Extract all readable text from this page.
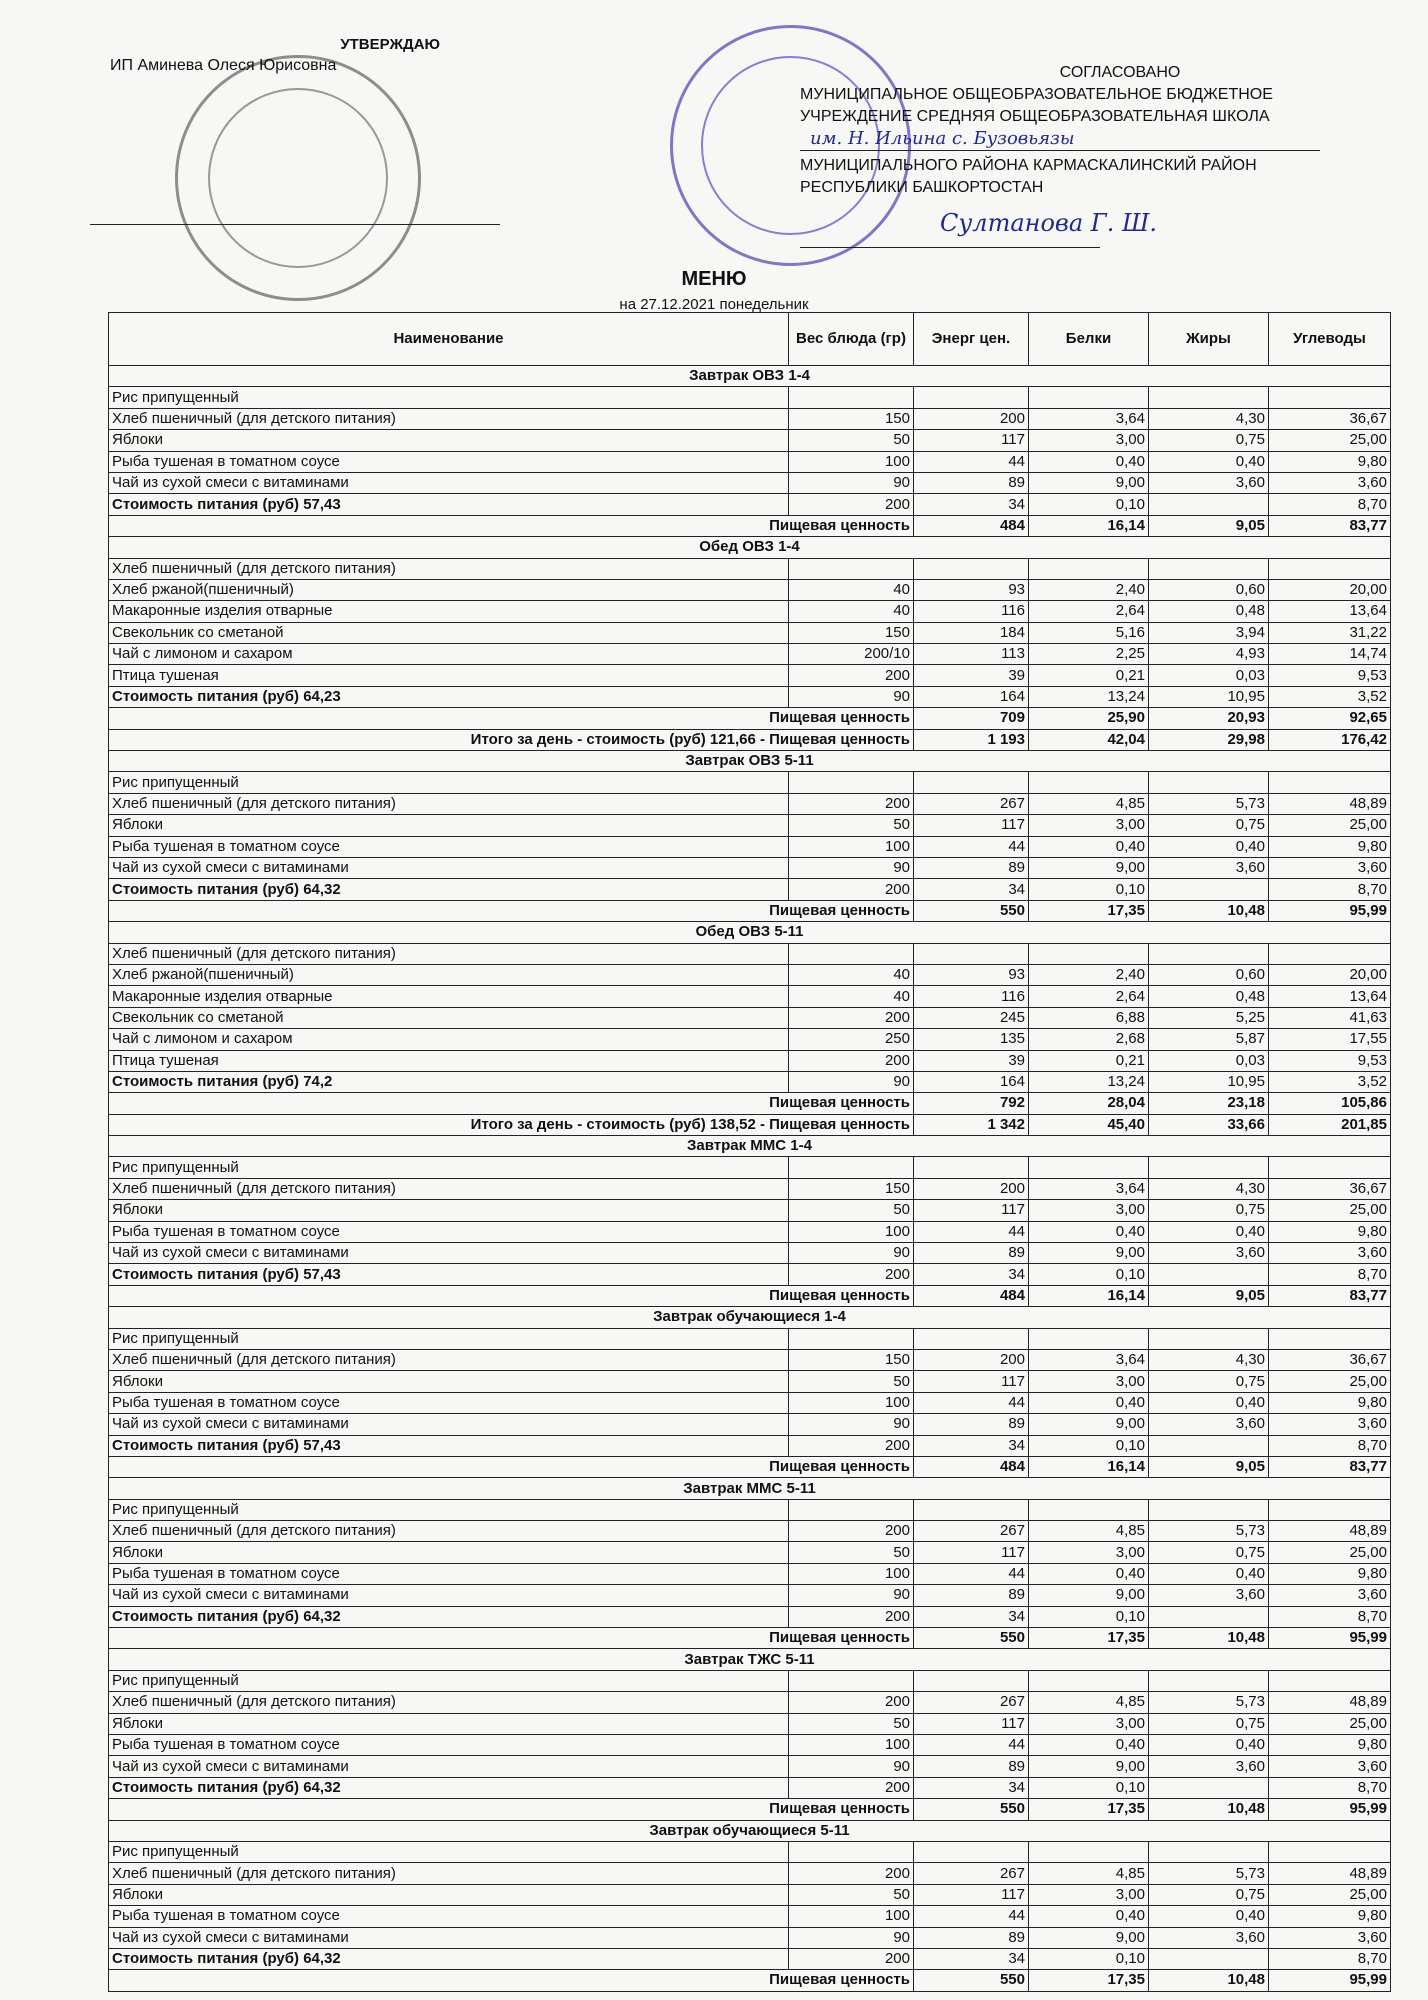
УТВЕРЖДАЮ
ИП Аминева Олеся Юрисовна	СОГЛАСОВАНО
МУНИЦИПАЛЬНОЕ ОБЩЕОБРАЗОВАТЕЛЬНОЕ БЮДЖЕТНОЕ
УЧРЕЖДЕНИЕ СРЕДНЯЯ ОБЩЕОБРАЗОВАТЕЛЬНАЯ ШКОЛА
им. Н. Ильина с. Бузовьязы
МУНИЦИПАЛЬНОГО РАЙОНА КАРМАСКАЛИНСКИЙ РАЙОН
РЕСПУБЛИКИ БАШКОРТОСТАН
Султанова Г. Ш.
МЕНЮ
на 27.12.2021 понедельник
Наименование	Вес блюда (гр)	Энерг цен.	Белки	Жиры	Углеводы
Завтрак ОВЗ 1-4					
Рис припущенный					
Хлеб пшеничный (для детского питания)	150	200	3,64	4,30	36,67
Яблоки	50	117	3,00	0,75	25,00
Рыба тушеная в томатном соусе	100	44	0,40	0,40	9,80
Чай из сухой смеси с витаминами	90	89	9,00	3,60	3,60
Стоимость питания (руб) 57,43	200	34	0,10		8,70
Пищевая ценность		484	16,14	9,05	83,77
Обед ОВЗ 1-4					
Хлеб пшеничный (для детского питания)					
Хлеб ржаной(пшеничный)	40	93	2,40	0,60	20,00
Макаронные изделия отварные	40	116	2,64	0,48	13,64
Свекольник со сметаной	150	184	5,16	3,94	31,22
Чай с лимоном и сахаром	200/10	113	2,25	4,93	14,74
Птица тушеная	200	39	0,21	0,03	9,53
Стоимость питания (руб) 64,23	90	164	13,24	10,95	3,52
Пищевая ценность		709	25,90	20,93	92,65
Итого за день - стоимость (руб) 121,66 - Пищевая ценность		1 193	42,04	29,98	176,42
Завтрак ОВЗ 5-11					
Рис припущенный					
Хлеб пшеничный (для детского питания)	200	267	4,85	5,73	48,89
Яблоки	50	117	3,00	0,75	25,00
Рыба тушеная в томатном соусе	100	44	0,40	0,40	9,80
Чай из сухой смеси с витаминами	90	89	9,00	3,60	3,60
Стоимость питания (руб) 64,32	200	34	0,10		8,70
Пищевая ценность		550	17,35	10,48	95,99
Обед ОВЗ 5-11					
Хлеб пшеничный (для детского питания)					
Хлеб ржаной(пшеничный)	40	93	2,40	0,60	20,00
Макаронные изделия отварные	40	116	2,64	0,48	13,64
Свекольник со сметаной	200	245	6,88	5,25	41,63
Чай с лимоном и сахаром	250	135	2,68	5,87	17,55
Птица тушеная	200	39	0,21	0,03	9,53
Стоимость питания (руб) 74,2	90	164	13,24	10,95	3,52
Пищевая ценность		792	28,04	23,18	105,86
Итого за день - стоимость (руб) 138,52 - Пищевая ценность		1 342	45,40	33,66	201,85
Завтрак ММС 1-4					
Рис припущенный					
Хлеб пшеничный (для детского питания)	150	200	3,64	4,30	36,67
Яблоки	50	117	3,00	0,75	25,00
Рыба тушеная в томатном соусе	100	44	0,40	0,40	9,80
Чай из сухой смеси с витаминами	90	89	9,00	3,60	3,60
Стоимость питания (руб) 57,43	200	34	0,10		8,70
Пищевая ценность		484	16,14	9,05	83,77
Завтрак обучающиеся 1-4					
Рис припущенный					
Хлеб пшеничный (для детского питания)	150	200	3,64	4,30	36,67
Яблоки	50	117	3,00	0,75	25,00
Рыба тушеная в томатном соусе	100	44	0,40	0,40	9,80
Чай из сухой смеси с витаминами	90	89	9,00	3,60	3,60
Стоимость питания (руб) 57,43	200	34	0,10		8,70
Пищевая ценность		484	16,14	9,05	83,77
Завтрак ММС 5-11					
Рис припущенный					
Хлеб пшеничный (для детского питания)	200	267	4,85	5,73	48,89
Яблоки	50	117	3,00	0,75	25,00
Рыба тушеная в томатном соусе	100	44	0,40	0,40	9,80
Чай из сухой смеси с витаминами	90	89	9,00	3,60	3,60
Стоимость питания (руб) 64,32	200	34	0,10		8,70
Пищевая ценность		550	17,35	10,48	95,99
Завтрак ТЖС 5-11					
Рис припущенный					
Хлеб пшеничный (для детского питания)	200	267	4,85	5,73	48,89
Яблоки	50	117	3,00	0,75	25,00
Рыба тушеная в томатном соусе	100	44	0,40	0,40	9,80
Чай из сухой смеси с витаминами	90	89	9,00	3,60	3,60
Стоимость питания (руб) 64,32	200	34	0,10		8,70
Пищевая ценность		550	17,35	10,48	95,99
Завтрак обучающиеся 5-11					
Рис припущенный					
Хлеб пшеничный (для детского питания)	200	267	4,85	5,73	48,89
Яблоки	50	117	3,00	0,75	25,00
Рыба тушеная в томатном соусе	100	44	0,40	0,40	9,80
Чай из сухой смеси с витаминами	90	89	9,00	3,60	3,60
Стоимость питания (руб) 64,32	200	34	0,10		8,70
Пищевая ценность		550	17,35	10,48	95,99
